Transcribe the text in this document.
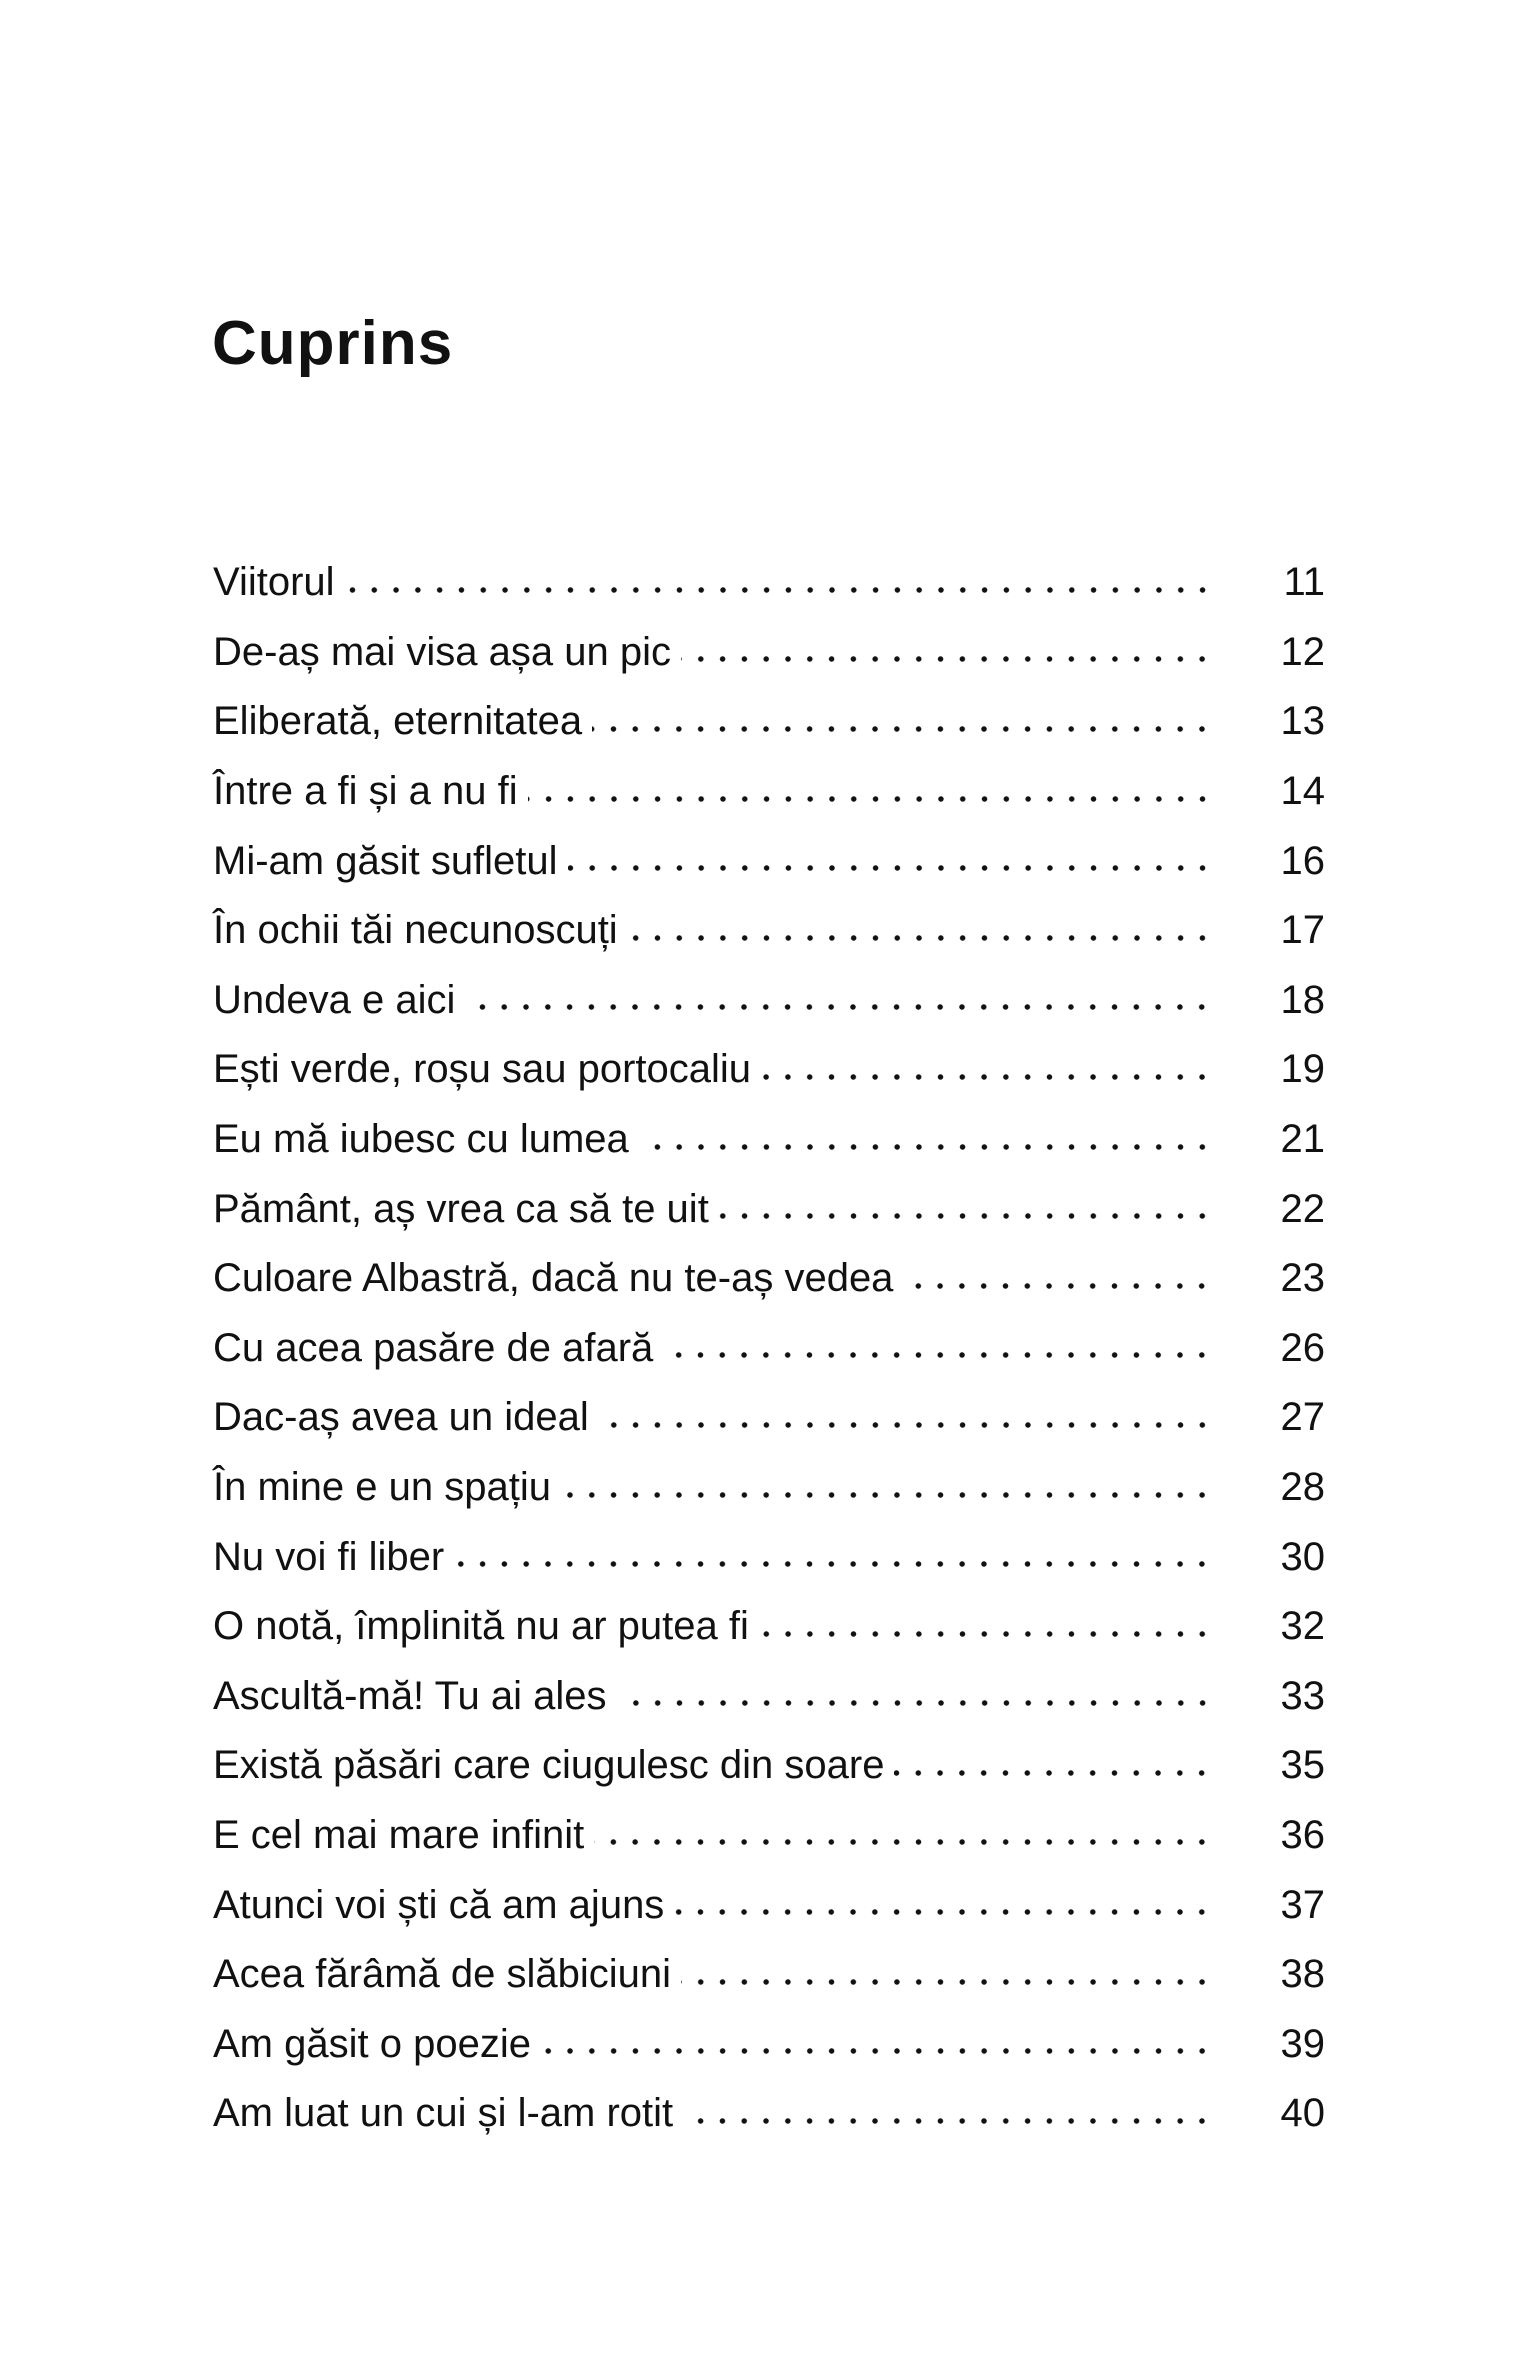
Cuprins
Viitorul	11
De-aș mai visa așa un pic	12
Eliberată, eternitatea	13
Între a fi și a nu fi	14
Mi-am găsit sufletul	16
În ochii tăi necunoscuți	17
Undeva e aici	18
Ești verde, roșu sau portocaliu	19
Eu mă iubesc cu lumea	21
Pământ, aș vrea ca să te uit	22
Culoare Albastră, dacă nu te-aș vedea	23
Cu acea pasăre de afară	26
Dac-aș avea un ideal	27
În mine e un spațiu	28
Nu voi fi liber	30
O notă, împlinită nu ar putea fi	32
Ascultă-mă! Tu ai ales	33
Există păsări care ciugulesc din soare	35
E cel mai mare infinit	36
Atunci voi ști că am ajuns	37
Acea fărâmă de slăbiciuni	38
Am găsit o poezie	39
Am luat un cui și l-am rotit	40
